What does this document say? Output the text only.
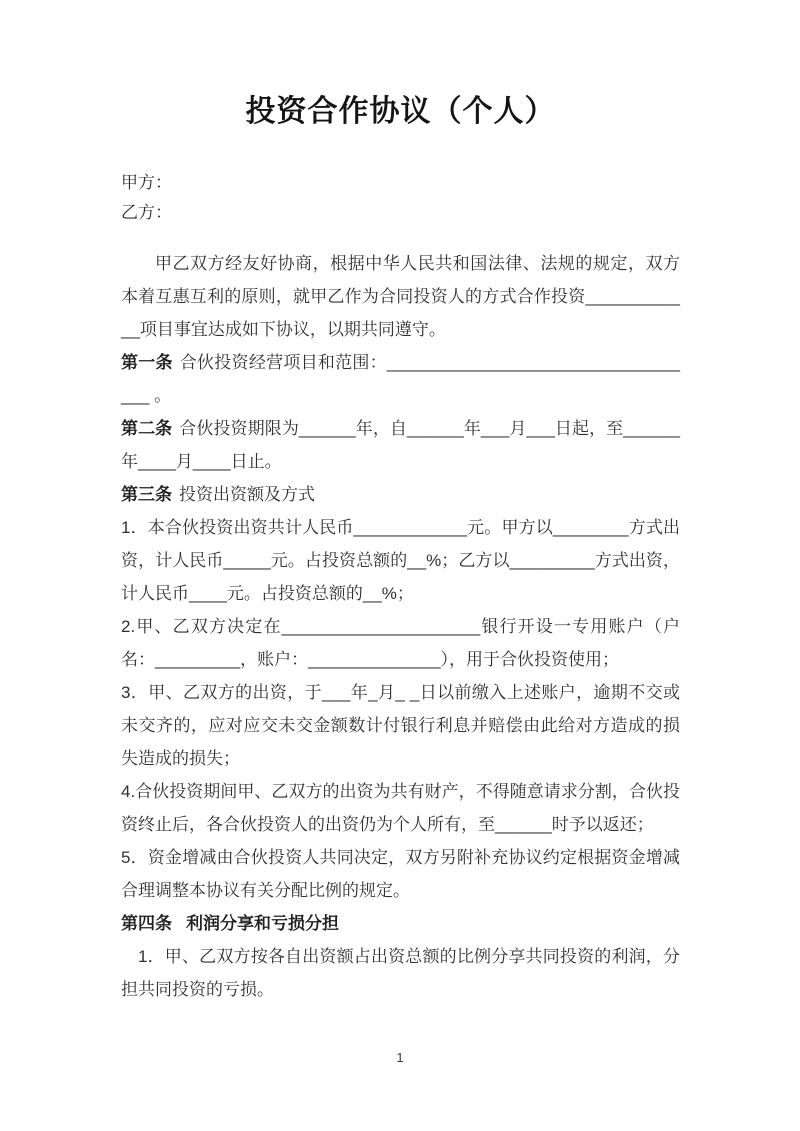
投资合作协议（个人）

甲方：

乙方：

甲乙双方经友好协商，根据中华人民共和国法律、法规的规定，双方本着互惠互利的原则，就甲乙作为合同投资人的方式合作投资____________项目事宜达成如下协议，以期共同遵守。

第一条 合伙投资经营项目和范围：__________________________________ 。

第二条 合伙投资期限为______年，自______年___月___日起，至______年____月____日止。

第三条 投资出资额及方式

1．本合伙投资出资共计人民币____________元。甲方以________方式出资，计人民币_____元。占投资总额的__%；乙方以_________方式出资，计人民币____元。占投资总额的__%；

2.甲、乙双方决定在_____________________银行开设一专用账户（户名：_________，账户：______________），用于合伙投资使用；

3．甲、乙双方的出资，于___年_月_ _日以前缴入上述账户，逾期不交或未交齐的，应对应交未交金额数计付银行利息并赔偿由此给对方造成的损失造成的损失；

4.合伙投资期间甲、乙双方的出资为共有财产，不得随意请求分割，合伙投资终止后，各合伙投资人的出资仍为个人所有，至______时予以返还；

5．资金增减由合伙投资人共同决定，双方另附补充协议约定根据资金增减合理调整本协议有关分配比例的规定。

第四条 利润分享和亏损分担

1．甲、乙双方按各自出资额占出资总额的比例分享共同投资的利润，分担共同投资的亏损。

1
